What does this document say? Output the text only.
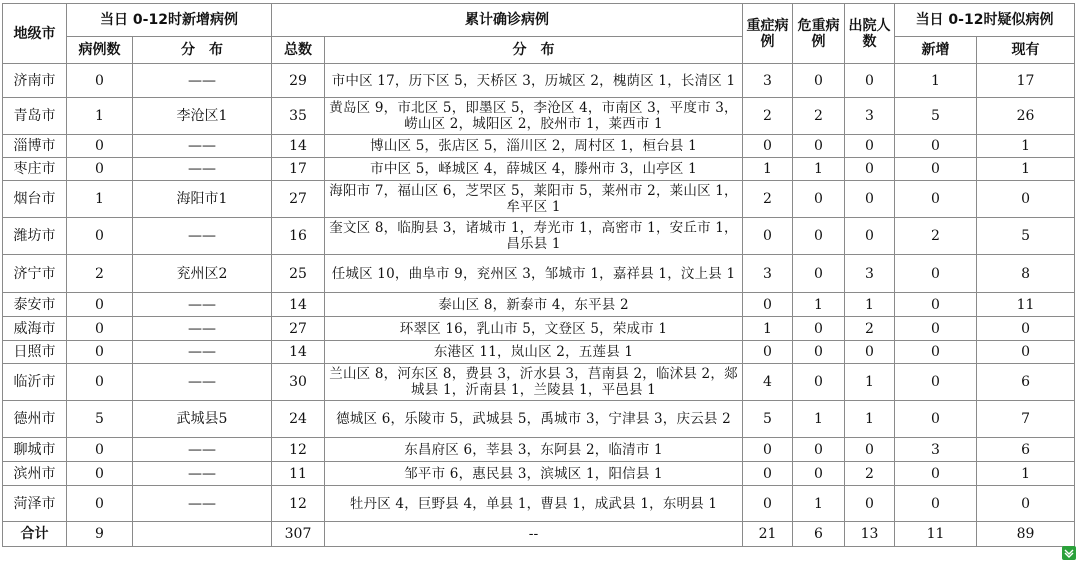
地级市	当日 0-12时新增病例		累计确诊病例		重症病例	危重病例	出院人数	当日 0-12时疑似病例	
	病例数	分　布	总数	分　布				新增	现有
济南市	0	——	29	市中区 17，历下区 5，天桥区 3，历城区 2，槐荫区 1，长清区 1	3	0	0	1	17
青岛市	1	李沧区1	35	黄岛区 9，市北区 5，即墨区 5，李沧区 4，市南区 3，平度市 3，崂山区 2，城阳区 2，胶州市 1，莱西市 1	2	2	3	5	26
淄博市	0	——	14	博山区 5，张店区 5，淄川区 2，周村区 1，桓台县 1	0	0	0	0	1
枣庄市	0	——	17	市中区 5，峄城区 4，薛城区 4，滕州市 3，山亭区 1	1	1	0	0	1
烟台市	1	海阳市1	27	海阳市 7，福山区 6，芝罘区 5，莱阳市 5，莱州市 2，莱山区 1，牟平区 1	2	0	0	0	0
潍坊市	0	——	16	奎文区 8，临朐县 3，诸城市 1，寿光市 1，高密市 1，安丘市 1，昌乐县 1	0	0	0	2	5
济宁市	2	兖州区2	25	任城区 10，曲阜市 9，兖州区 3，邹城市 1，嘉祥县 1，汶上县 1	3	0	3	0	8
泰安市	0	——	14	泰山区 8，新泰市 4，东平县 2	0	1	1	0	11
威海市	0	——	27	环翠区 16，乳山市 5，文登区 5，荣成市 1	1	0	2	0	0
日照市	0	——	14	东港区 11，岚山区 2，五莲县 1	0	0	0	0	0
临沂市	0	——	30	兰山区 8，河东区 8，费县 3，沂水县 3，莒南县 2，临沭县 2，郯城县 1，沂南县 1，兰陵县 1，平邑县 1	4	0	1	0	6
德州市	5	武城县5	24	德城区 6，乐陵市 5，武城县 5，禹城市 3，宁津县 3，庆云县 2	5	1	1	0	7
聊城市	0	——	12	东昌府区 6，莘县 3，东阿县 2，临清市 1	0	0	0	3	6
滨州市	0	——	11	邹平市 6，惠民县 3，滨城区 1，阳信县 1	0	0	2	0	1
菏泽市	0	——	12	牡丹区 4，巨野县 4，单县 1，曹县 1，成武县 1，东明县 1	0	1	0	0	0
合计	9		307	--	21	6	13	11	89
